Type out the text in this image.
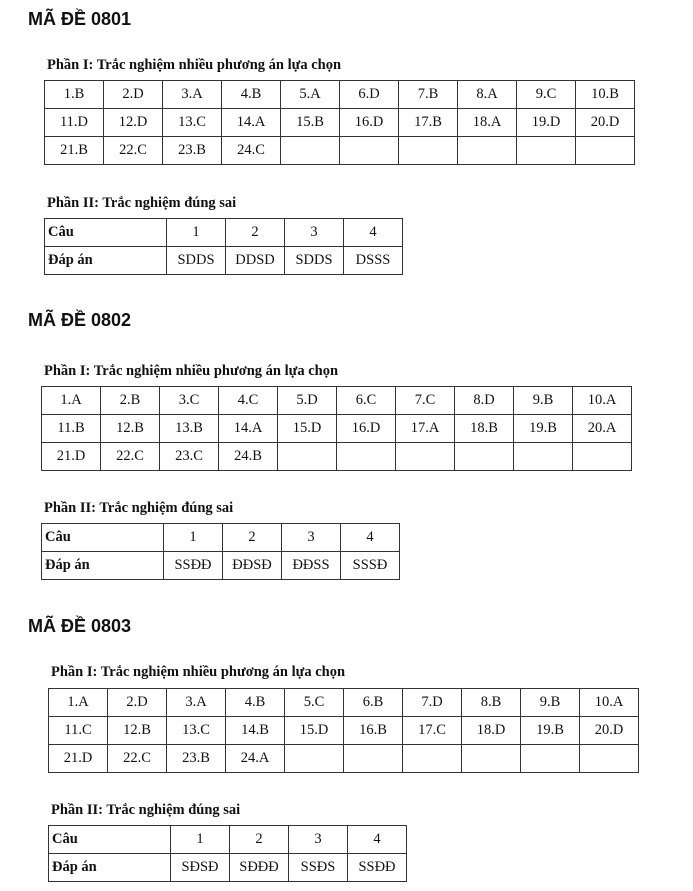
MÃ ĐỀ 0801
Phần I: Trắc nghiệm nhiều phương án lựa chọn
1.B	2.D	3.A	4.B	5.A	6.D	7.B	8.A	9.C	10.B
11.D	12.D	13.C	14.A	15.B	16.D	17.B	18.A	19.D	20.D
21.B	22.C	23.B	24.C						
Phần II: Trắc nghiệm đúng sai
Câu	1	2	3	4
Đáp án	SDDS	DDSD	SDDS	DSSS
MÃ ĐỀ 0802
Phần I: Trắc nghiệm nhiều phương án lựa chọn
1.A	2.B	3.C	4.C	5.D	6.C	7.C	8.D	9.B	10.A
11.B	12.B	13.B	14.A	15.D	16.D	17.A	18.B	19.B	20.A
21.D	22.C	23.C	24.B						
Phần II: Trắc nghiệm đúng sai
Câu	1	2	3	4
Đáp án	SSĐĐ	ĐĐSĐ	ĐĐSS	SSSĐ
MÃ ĐỀ 0803
Phần I: Trắc nghiệm nhiều phương án lựa chọn
1.A	2.D	3.A	4.B	5.C	6.B	7.D	8.B	9.B	10.A
11.C	12.B	13.C	14.B	15.D	16.B	17.C	18.D	19.B	20.D
21.D	22.C	23.B	24.A						
Phần II: Trắc nghiệm đúng sai
Câu	1	2	3	4
Đáp án	SĐSĐ	SĐĐĐ	SSĐS	SSĐĐ
